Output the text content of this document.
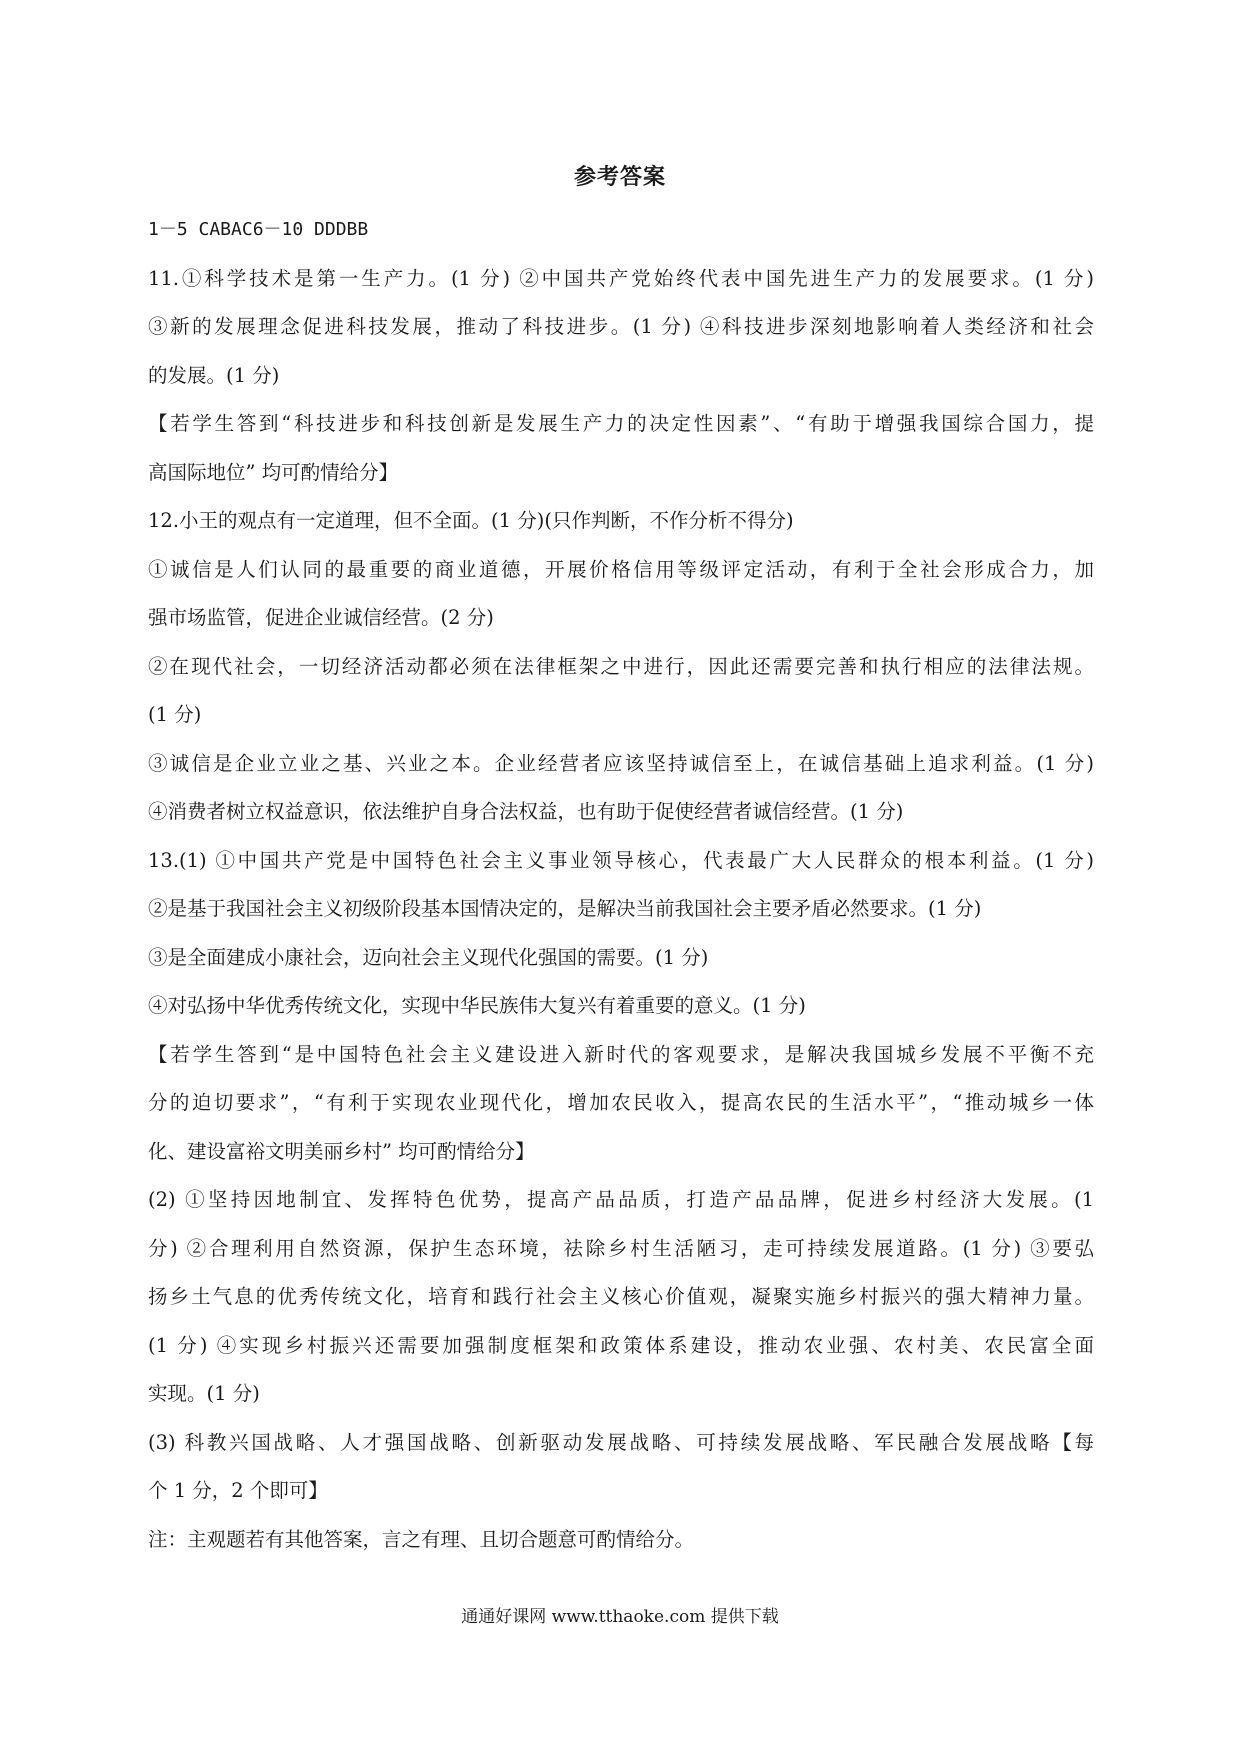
参考答案
1－5 CABAC6－10 DDDBB
11.①科学技术是第一生产力。(1 分) ②中国共产党始终代表中国先进生产力的发展要求。(1 分)
③新的发展理念促进科技发展，推动了科技进步。(1 分) ④科技进步深刻地影响着人类经济和社会
的发展。(1 分)
【若学生答到“科技进步和科技创新是发展生产力的决定性因素”、“有助于增强我国综合国力，提
高国际地位” 均可酌情给分】
12.小王的观点有一定道理，但不全面。(1 分)(只作判断，不作分析不得分)
①诚信是人们认同的最重要的商业道德，开展价格信用等级评定活动，有利于全社会形成合力，加
强市场监管，促进企业诚信经营。(2 分)
②在现代社会，一切经济活动都必须在法律框架之中进行，因此还需要完善和执行相应的法律法规。
(1 分)
③诚信是企业立业之基、兴业之本。企业经营者应该坚持诚信至上，在诚信基础上追求利益。(1 分)
④消费者树立权益意识，依法维护自身合法权益，也有助于促使经营者诚信经营。(1 分)
13.(1) ①中国共产党是中国特色社会主义事业领导核心，代表最广大人民群众的根本利益。(1 分)
②是基于我国社会主义初级阶段基本国情决定的，是解决当前我国社会主要矛盾必然要求。(1 分)
③是全面建成小康社会，迈向社会主义现代化强国的需要。(1 分)
④对弘扬中华优秀传统文化，实现中华民族伟大复兴有着重要的意义。(1 分)
【若学生答到“是中国特色社会主义建设进入新时代的客观要求，是解决我国城乡发展不平衡不充
分的迫切要求”，“有利于实现农业现代化，增加农民收入，提高农民的生活水平”，“推动城乡一体
化、建设富裕文明美丽乡村” 均可酌情给分】
(2) ①坚持因地制宜、发挥特色优势，提高产品品质，打造产品品牌，促进乡村经济大发展。(1
分) ②合理利用自然资源，保护生态环境，祛除乡村生活陋习，走可持续发展道路。(1 分) ③要弘
扬乡土气息的优秀传统文化，培育和践行社会主义核心价值观，凝聚实施乡村振兴的强大精神力量。
(1 分) ④实现乡村振兴还需要加强制度框架和政策体系建设，推动农业强、农村美、农民富全面
实现。(1 分)
(3) 科教兴国战略、人才强国战略、创新驱动发展战略、可持续发展战略、军民融合发展战略【每
个 1 分，2 个即可】
注：主观题若有其他答案，言之有理、且切合题意可酌情给分。
通通好课网 www.tthaoke.com 提供下载
